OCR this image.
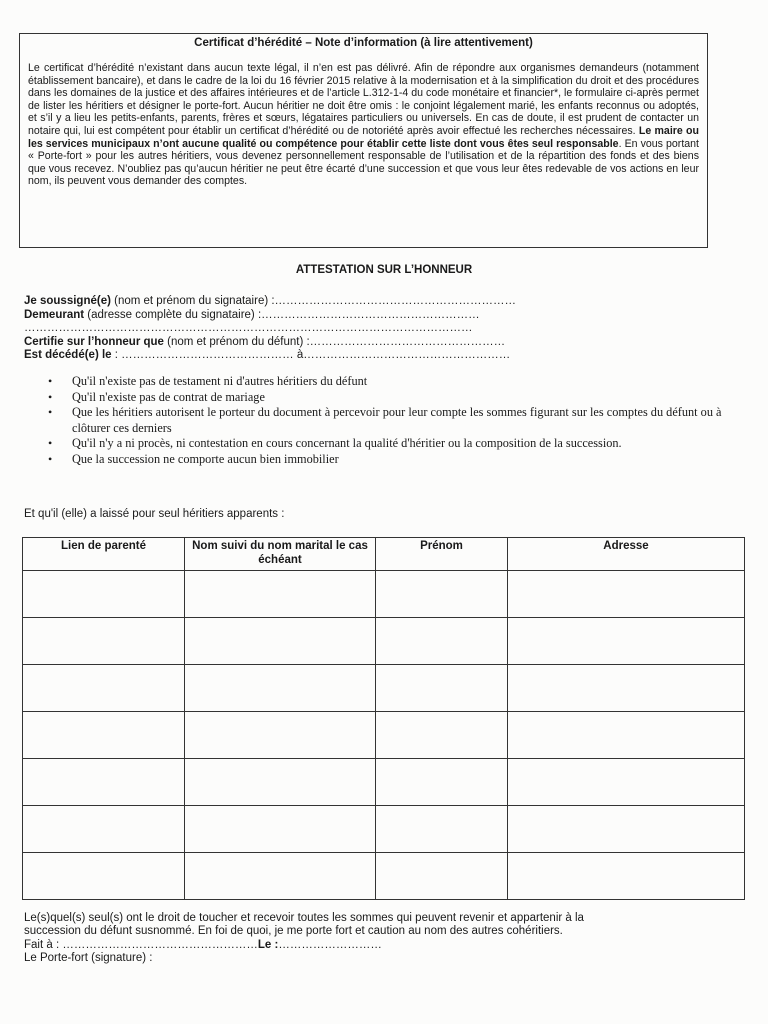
Certificat d’hérédité – Note d’information (à lire attentivement)

Le certificat d’hérédité n’existant dans aucun texte légal, il n’en est pas délivré. Afin de répondre aux organismes demandeurs (notamment établissement bancaire), et dans le cadre de la loi du 16 février 2015 relative à la modernisation et à la simplification du droit et des procédures dans les domaines de la justice et des affaires intérieures et de l’article L.312-1-4 du code monétaire et financier*, le formulaire ci-après permet de lister les héritiers et désigner le porte-fort. Aucun héritier ne doit être omis : le conjoint légalement marié, les enfants reconnus ou adoptés, et s’il y a lieu les petits-enfants, parents, frères et sœurs, légataires particuliers ou universels. En cas de doute, il est prudent de contacter un notaire qui, lui est compétent pour établir un certificat d’hérédité ou de notoriété après avoir effectué les recherches nécessaires. Le maire ou les services municipaux n’ont aucune qualité ou compétence pour établir cette liste dont vous êtes seul responsable. En vous portant « Porte-fort » pour les autres héritiers, vous devenez personnellement responsable de l’utilisation et de la répartition des fonds et des biens que vous recevez. N’oubliez pas qu’aucun héritier ne peut être écarté d’une succession et que vous leur êtes redevable de vos actions en leur nom, ils peuvent vous demander des comptes.

ATTESTATION SUR L’HONNEUR
Je soussigné(e) (nom et prénom du signataire) :………………………………………………………
Demeurant (adresse complète du signataire) :…………………………………………………
………………………………………………………………………………………………………
Certifie sur l’honneur que (nom et prénom du défunt) :……………………………………………
Est décédé(e) le : ……………………………………… à………………………………………………
• Qu'il n'existe pas de testament ni d'autres héritiers du défunt
• Qu'il n'existe pas de contrat de mariage
• Que les héritiers autorisent le porteur du document à percevoir pour leur compte les sommes figurant sur les comptes du défunt ou à clôturer ces derniers
• Qu'il n'y a ni procès, ni contestation en cours concernant la qualité d'héritier ou la composition de la succession.
• Que la succession ne comporte aucun bien immobilier
Et qu'il (elle) a laissé pour seul héritiers apparents :
Lien de parenté	Nom suivi du nom marital le cas échéant	Prénom	Adresse

Le(s)quel(s) seul(s) ont le droit de toucher et recevoir toutes les sommes qui peuvent revenir et appartenir à la
succession du défunt susnommé. En foi de quoi, je me porte fort et caution au nom des autres cohéritiers.
Fait à : ……………………………………………Le :………………………
Le Porte-fort (signature) :
